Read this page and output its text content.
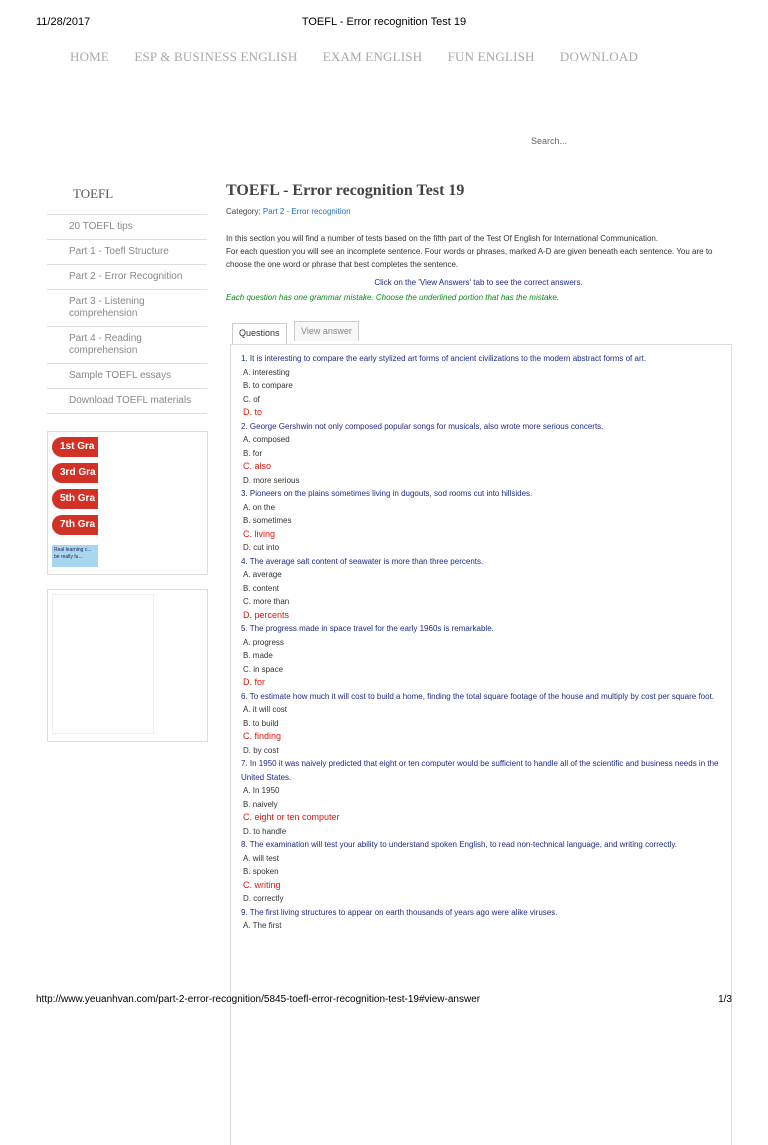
11/28/2017	TOEFL - Error recognition Test 19
HOME ESP & BUSINESS ENGLISH EXAM ENGLISH FUN ENGLISH DOWNLOAD
Search...
TOEFL
20 TOEFL tips
Part 1 - Toefl Structure
Part 2 - Error Recognition
Part 3 - Listening comprehension
Part 4 - Reading comprehension
Sample TOEFL essays
Download TOEFL materials
1st Gra
3rd Gra
5th Gra
7th Gra
Real learning c... be really fu...
TOEFL - Error recognition Test 19
Category: Part 2 - Error recognition
In this section you will find a number of tests based on the fifth part of the Test Of English for International Communication.
For each question you will see an incomplete sentence. Four words or phrases, marked A-D are given beneath each sentence. You are to choose the one word or phrase that best completes the sentence.
Click on the 'View Answers' tab to see the correct answers.
Each question has one grammar mistake. Choose the underlined portion that has the mistake.
Questions	View answer
1. It is interesting to compare the early stylized art forms of ancient civilizations to the modern abstract forms of art.
A. interesting
B. to compare
C. of
D. to
2. George Gershwin not only composed popular songs for musicals, also wrote more serious concerts.
A. composed
B. for
C. also
D. more serious
3. Pioneers on the plains sometimes living in dugouts, sod rooms cut into hillsides.
A. on the
B. sometimes
C. living
D. cut into
4. The average salt content of seawater is more than three percents.
A. average
B. content
C. more than
D. percents
5. The progress made in space travel for the early 1960s is remarkable.
A. progress
B. made
C. in space
D. for
6. To estimate how much it will cost to build a home, finding the total square footage of the house and multiply by cost per square foot.
A. it will cost
B. to build
C. finding
D. by cost
7. In 1950 it was naively predicted that eight or ten computer would be sufficient to handle all of the scientific and business needs in the United States.
A. In 1950
B. naively
C. eight or ten computer
D. to handle
8. The examination will test your ability to understand spoken English, to read non-technical language, and writing correctly.
A. will test
B. spoken
C. writing
D. correctly
9. The first living structures to appear on earth thousands of years ago were alike viruses.
A. The first
http://www.yeuanhvan.com/part-2-error-recognition/5845-toefl-error-recognition-test-19#view-answer	1/3
